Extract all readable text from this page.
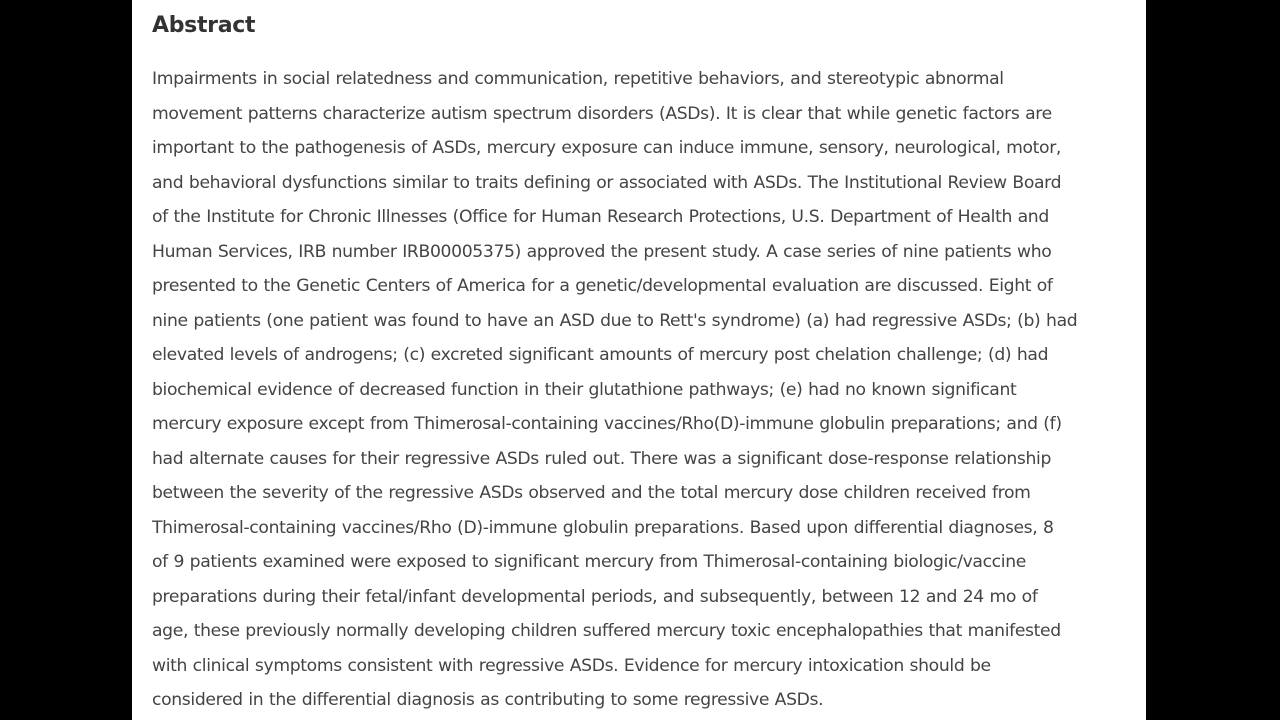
Abstract
Impairments in social relatedness and communication, repetitive behaviors, and stereotypic abnormal
movement patterns characterize autism spectrum disorders (ASDs). It is clear that while genetic factors are
important to the pathogenesis of ASDs, mercury exposure can induce immune, sensory, neurological, motor,
and behavioral dysfunctions similar to traits defining or associated with ASDs. The Institutional Review Board
of the Institute for Chronic Illnesses (Office for Human Research Protections, U.S. Department of Health and
Human Services, IRB number IRB00005375) approved the present study. A case series of nine patients who
presented to the Genetic Centers of America for a genetic/developmental evaluation are discussed. Eight of
nine patients (one patient was found to have an ASD due to Rett's syndrome) (a) had regressive ASDs; (b) had
elevated levels of androgens; (c) excreted significant amounts of mercury post chelation challenge; (d) had
biochemical evidence of decreased function in their glutathione pathways; (e) had no known significant
mercury exposure except from Thimerosal-containing vaccines/Rho(D)-immune globulin preparations; and (f)
had alternate causes for their regressive ASDs ruled out. There was a significant dose-response relationship
between the severity of the regressive ASDs observed and the total mercury dose children received from
Thimerosal-containing vaccines/Rho (D)-immune globulin preparations. Based upon differential diagnoses, 8
of 9 patients examined were exposed to significant mercury from Thimerosal-containing biologic/vaccine
preparations during their fetal/infant developmental periods, and subsequently, between 12 and 24 mo of
age, these previously normally developing children suffered mercury toxic encephalopathies that manifested
with clinical symptoms consistent with regressive ASDs. Evidence for mercury intoxication should be
considered in the differential diagnosis as contributing to some regressive ASDs.
